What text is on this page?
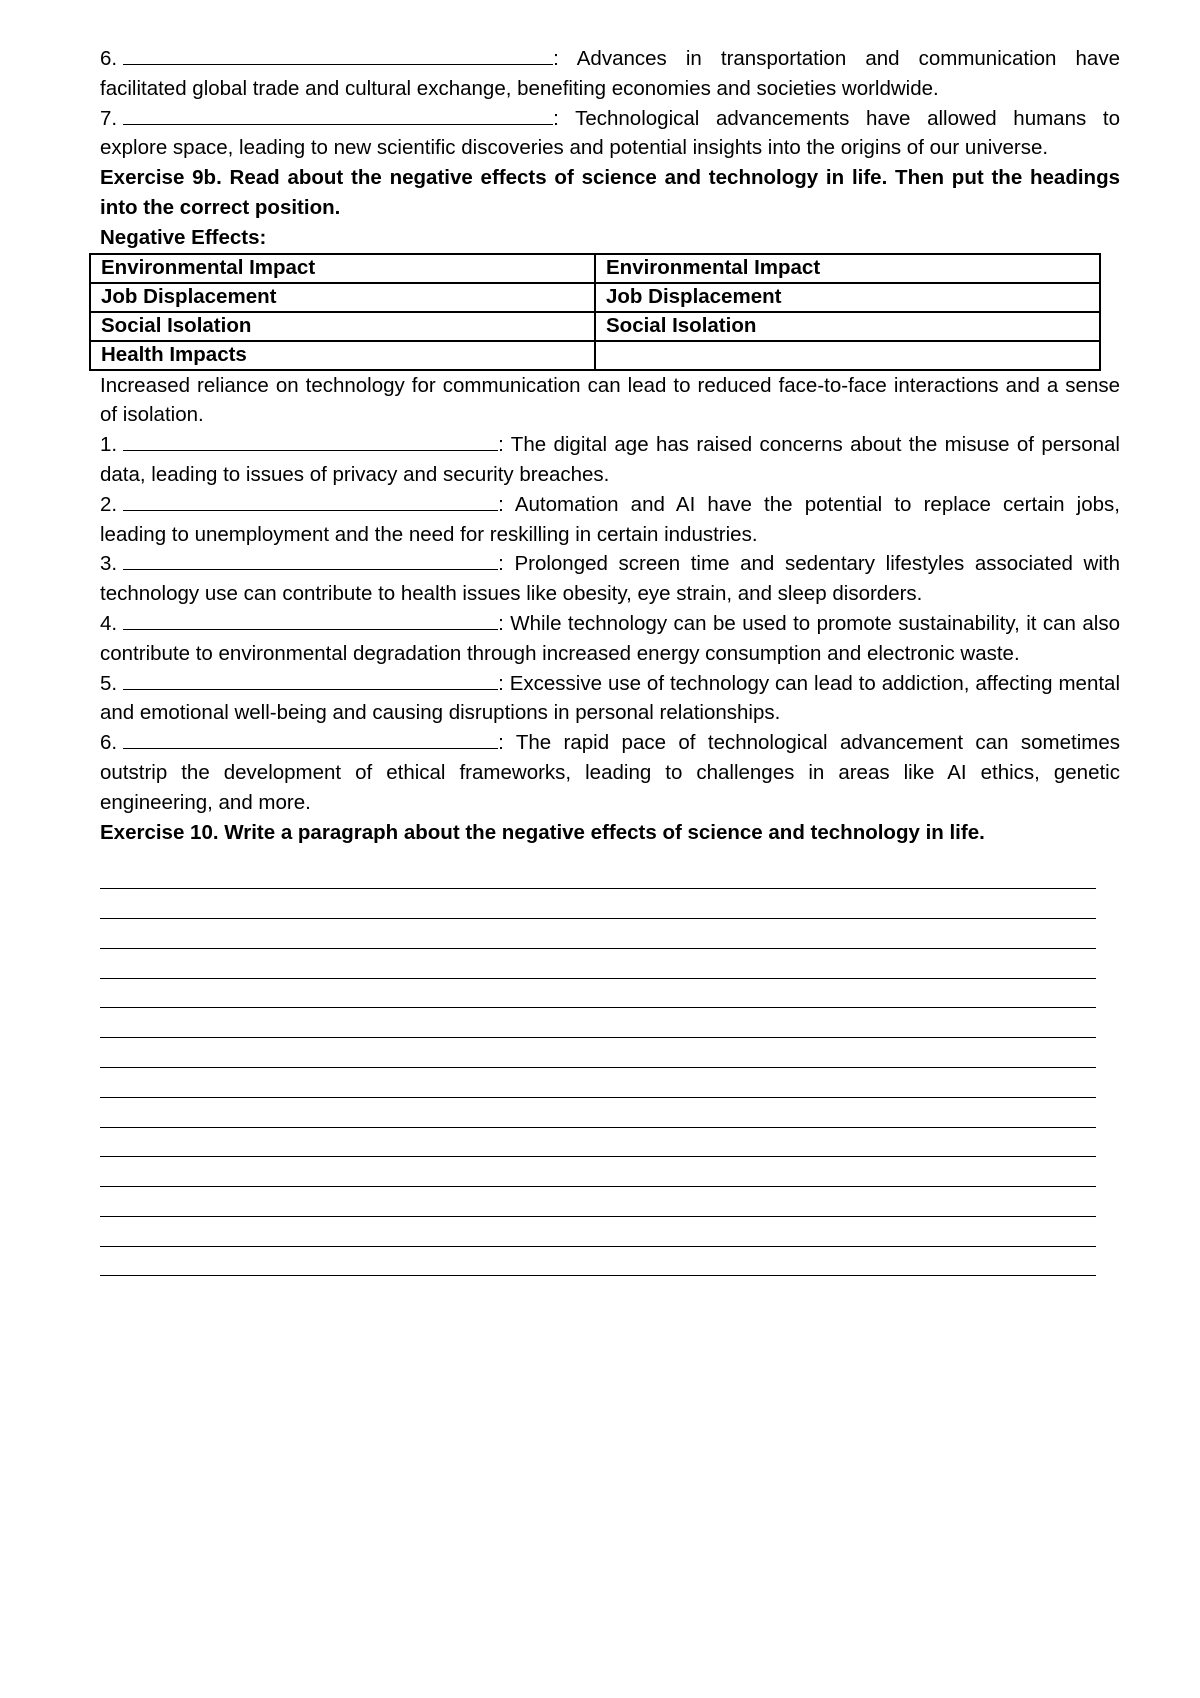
6.	: Advances in transportation and communication have facilitated global trade and cultural exchange, benefiting economies and societies worldwide.

7.	: Technological advancements have allowed humans to explore space, leading to new scientific discoveries and potential insights into the origins of our universe.

Exercise 9b. Read about the negative effects of science and technology in life. Then put the headings into the correct position.

Negative Effects:

Environmental Impact	Environmental Impact
Job Displacement	Job Displacement
Social Isolation	Social Isolation
Health Impacts	

Increased reliance on technology for communication can lead to reduced face-to-face interactions and a sense of isolation.

1.	: The digital age has raised concerns about the misuse of personal data, leading to issues of privacy and security breaches.

2.	: Automation and AI have the potential to replace certain jobs, leading to unemployment and the need for reskilling in certain industries.

3.	: Prolonged screen time and sedentary lifestyles associated with technology use can contribute to health issues like obesity, eye strain, and sleep disorders.

4.	: While technology can be used to promote sustainability, it can also contribute to environmental degradation through increased energy consumption and electronic waste.

5.	: Excessive use of technology can lead to addiction, affecting mental and emotional well-being and causing disruptions in personal relationships.

6.	: The rapid pace of technological advancement can sometimes outstrip the development of ethical frameworks, leading to challenges in areas like AI ethics, genetic engineering, and more.

Exercise 10. Write a paragraph about the negative effects of science and technology in life.
